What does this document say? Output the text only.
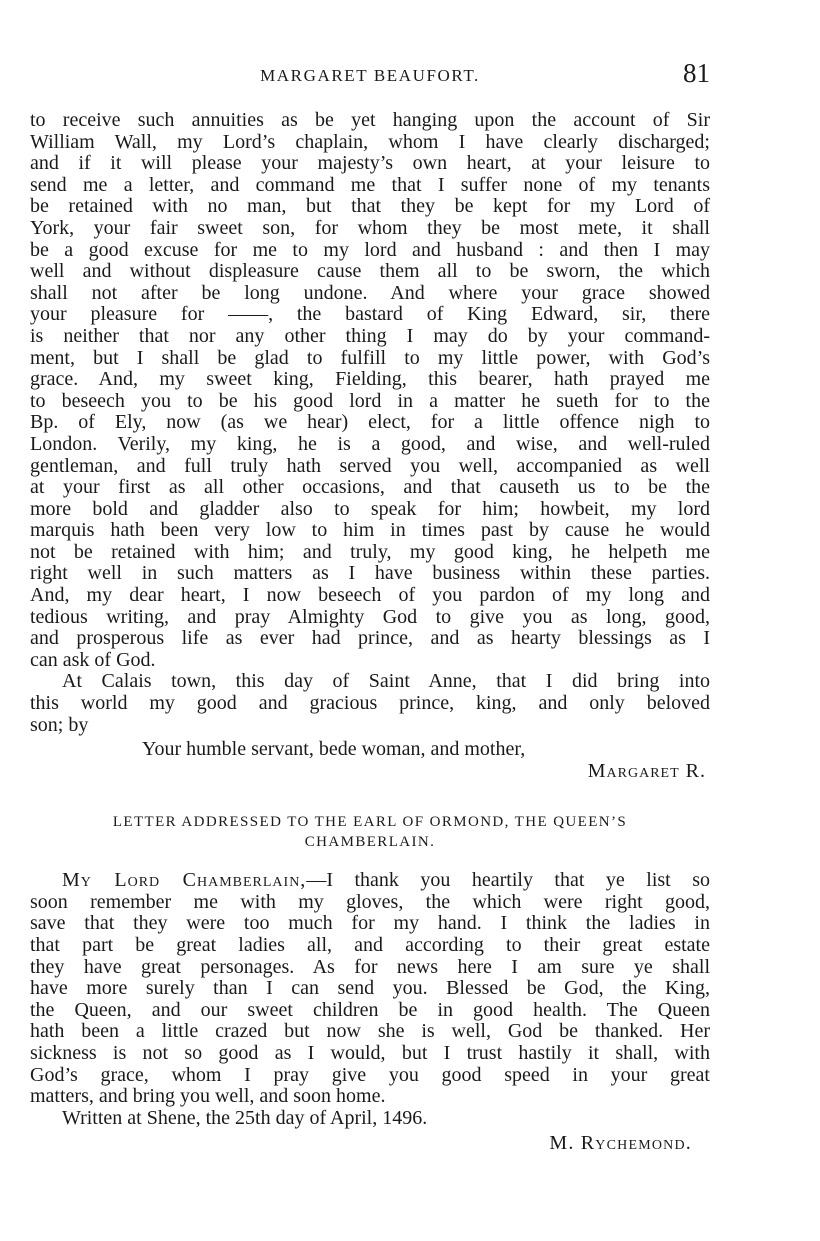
MARGARET BEAUFORT.	81
to receive such annuities as be yet hanging upon the account of Sir
William Wall, my Lord’s chaplain, whom I have clearly discharged;
and if it will please your majesty’s own heart, at your leisure to
send me a letter, and command me that I suffer none of my tenants
be retained with no man, but that they be kept for my Lord of
York, your fair sweet son, for whom they be most mete, it shall
be a good excuse for me to my lord and husband : and then I may
well and without displeasure cause them all to be sworn, the which
shall not after be long undone. And where your grace showed
your pleasure for ——, the bastard of King Edward, sir, there
is neither that nor any other thing I may do by your command-
ment, but I shall be glad to fulfill to my little power, with God’s
grace. And, my sweet king, Fielding, this bearer, hath prayed me
to beseech you to be his good lord in a matter he sueth for to the
Bp. of Ely, now (as we hear) elect, for a little offence nigh to
London. Verily, my king, he is a good, and wise, and well-ruled
gentleman, and full truly hath served you well, accompanied as well
at your first as all other occasions, and that causeth us to be the
more bold and gladder also to speak for him; howbeit, my lord
marquis hath been very low to him in times past by cause he would
not be retained with him; and truly, my good king, he helpeth me
right well in such matters as I have business within these parties.
And, my dear heart, I now beseech of you pardon of my long and
tedious writing, and pray Almighty God to give you as long, good,
and prosperous life as ever had prince, and as hearty blessings as I
can ask of God.
At Calais town, this day of Saint Anne, that I did bring into
this world my good and gracious prince, king, and only beloved
son; by
Your humble servant, bede woman, and mother,
Margaret R.
LETTER ADDRESSED TO THE EARL OF ORMOND, THE QUEEN’S
CHAMBERLAIN.
My Lord Chamberlain,—I thank you heartily that ye list so
soon remember me with my gloves, the which were right good,
save that they were too much for my hand. I think the ladies in
that part be great ladies all, and according to their great estate
they have great personages. As for news here I am sure ye shall
have more surely than I can send you. Blessed be God, the King,
the Queen, and our sweet children be in good health. The Queen
hath been a little crazed but now she is well, God be thanked. Her
sickness is not so good as I would, but I trust hastily it shall, with
God’s grace, whom I pray give you good speed in your great
matters, and bring you well, and soon home.
Written at Shene, the 25th day of April, 1496.
M. Rychemond.
